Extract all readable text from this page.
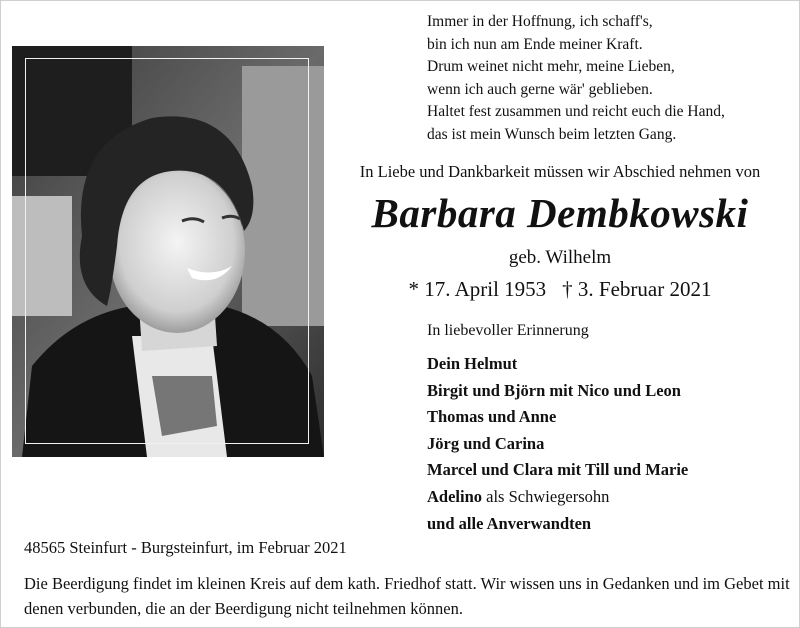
Immer in der Hoffnung, ich schaff's,
bin ich nun am Ende meiner Kraft.
Drum weinet nicht mehr, meine Lieben,
wenn ich auch gerne wär' geblieben.
Haltet fest zusammen und reicht euch die Hand,
das ist mein Wunsch beim letzten Gang.
In Liebe und Dankbarkeit müssen wir Abschied nehmen von
Barbara Dembkowski
geb. Wilhelm
* 17. April 1953 † 3. Februar 2021
In liebevoller Erinnerung
Dein Helmut
Birgit und Björn mit Nico und Leon
Thomas und Anne
Jörg und Carina
Marcel und Clara mit Till und Marie
Adelino als Schwiegersohn
und alle Anverwandten
48565 Steinfurt - Burgsteinfurt, im Februar 2021
Die Beerdigung findet im kleinen Kreis auf dem kath. Friedhof statt. Wir wissen uns in Gedanken und im Gebet mit denen verbunden, die an der Beerdigung nicht teilnehmen können.
